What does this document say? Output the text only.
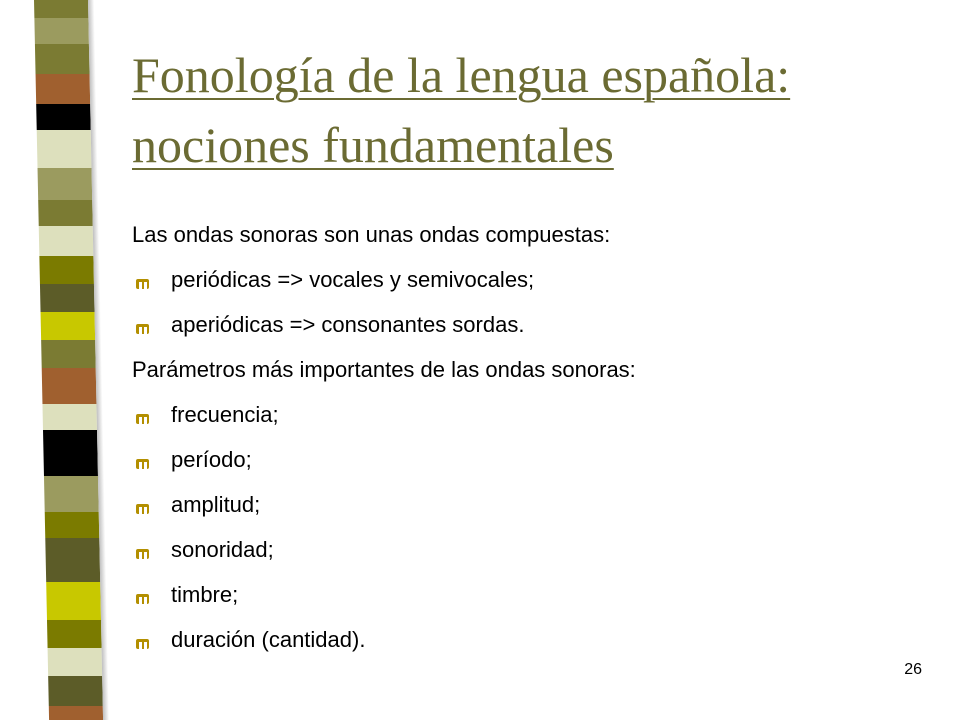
Fonología de la lengua española:
nociones fundamentales

Las ondas sonoras son unas ondas compuestas:

periódicas => vocales y semivocales;
aperiódicas => consonantes sordas.

Parámetros más importantes de las ondas sonoras:

frecuencia;
período;
amplitud;
sonoridad;
timbre;
duración (cantidad).
26
